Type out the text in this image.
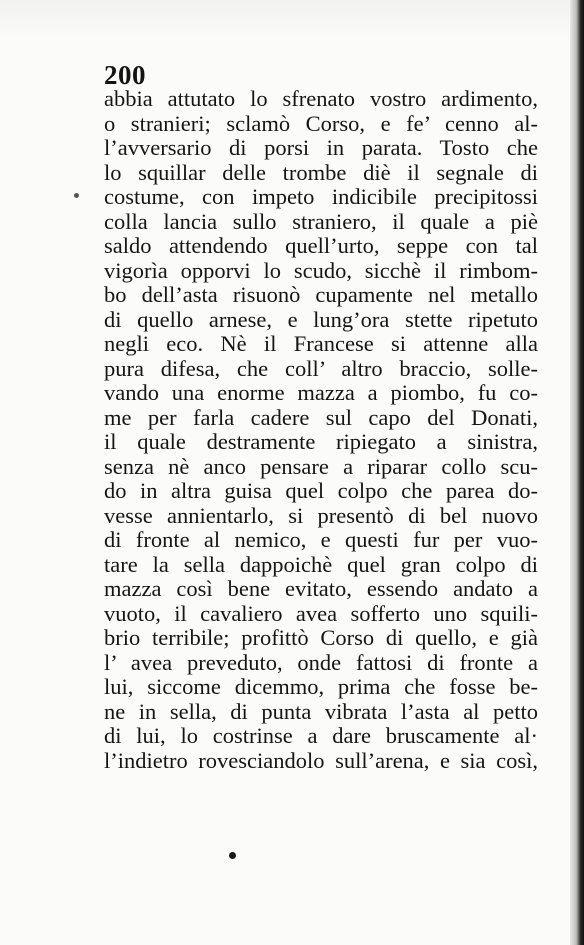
200
abbia attutato lo sfrenato vostro ardimento,
o stranieri; sclamò Corso, e fe’ cenno al-
l’avversario di porsi in parata. Tosto che
lo squillar delle trombe diè il segnale di
costume, con impeto indicibile precipitossi
colla lancia sullo straniero, il quale a piè
saldo attendendo quell’urto, seppe con tal
vigorìa opporvi lo scudo, sicchè il rimbom-
bo dell’asta risuonò cupamente nel metallo
di quello arnese, e lung’ora stette ripetuto
negli eco. Nè il Francese si attenne alla
pura difesa, che coll’ altro braccio, solle-
vando una enorme mazza a piombo, fu co-
me per farla cadere sul capo del Donati,
il quale destramente ripiegato a sinistra,
senza nè anco pensare a riparar collo scu-
do in altra guisa quel colpo che parea do-
vesse annientarlo, si presentò di bel nuovo
di fronte al nemico, e questi fur per vuo-
tare la sella dappoichè quel gran colpo di
mazza così bene evitato, essendo andato a
vuoto, il cavaliero avea sofferto uno squili-
brio terribile; profittò Corso di quello, e già
l’ avea preveduto, onde fattosi di fronte a
lui, siccome dicemmo, prima che fosse be-
ne in sella, di punta vibrata l’asta al petto
di lui, lo costrinse a dare bruscamente al·
l’indietro rovesciandolo sull’arena, e sia così,
